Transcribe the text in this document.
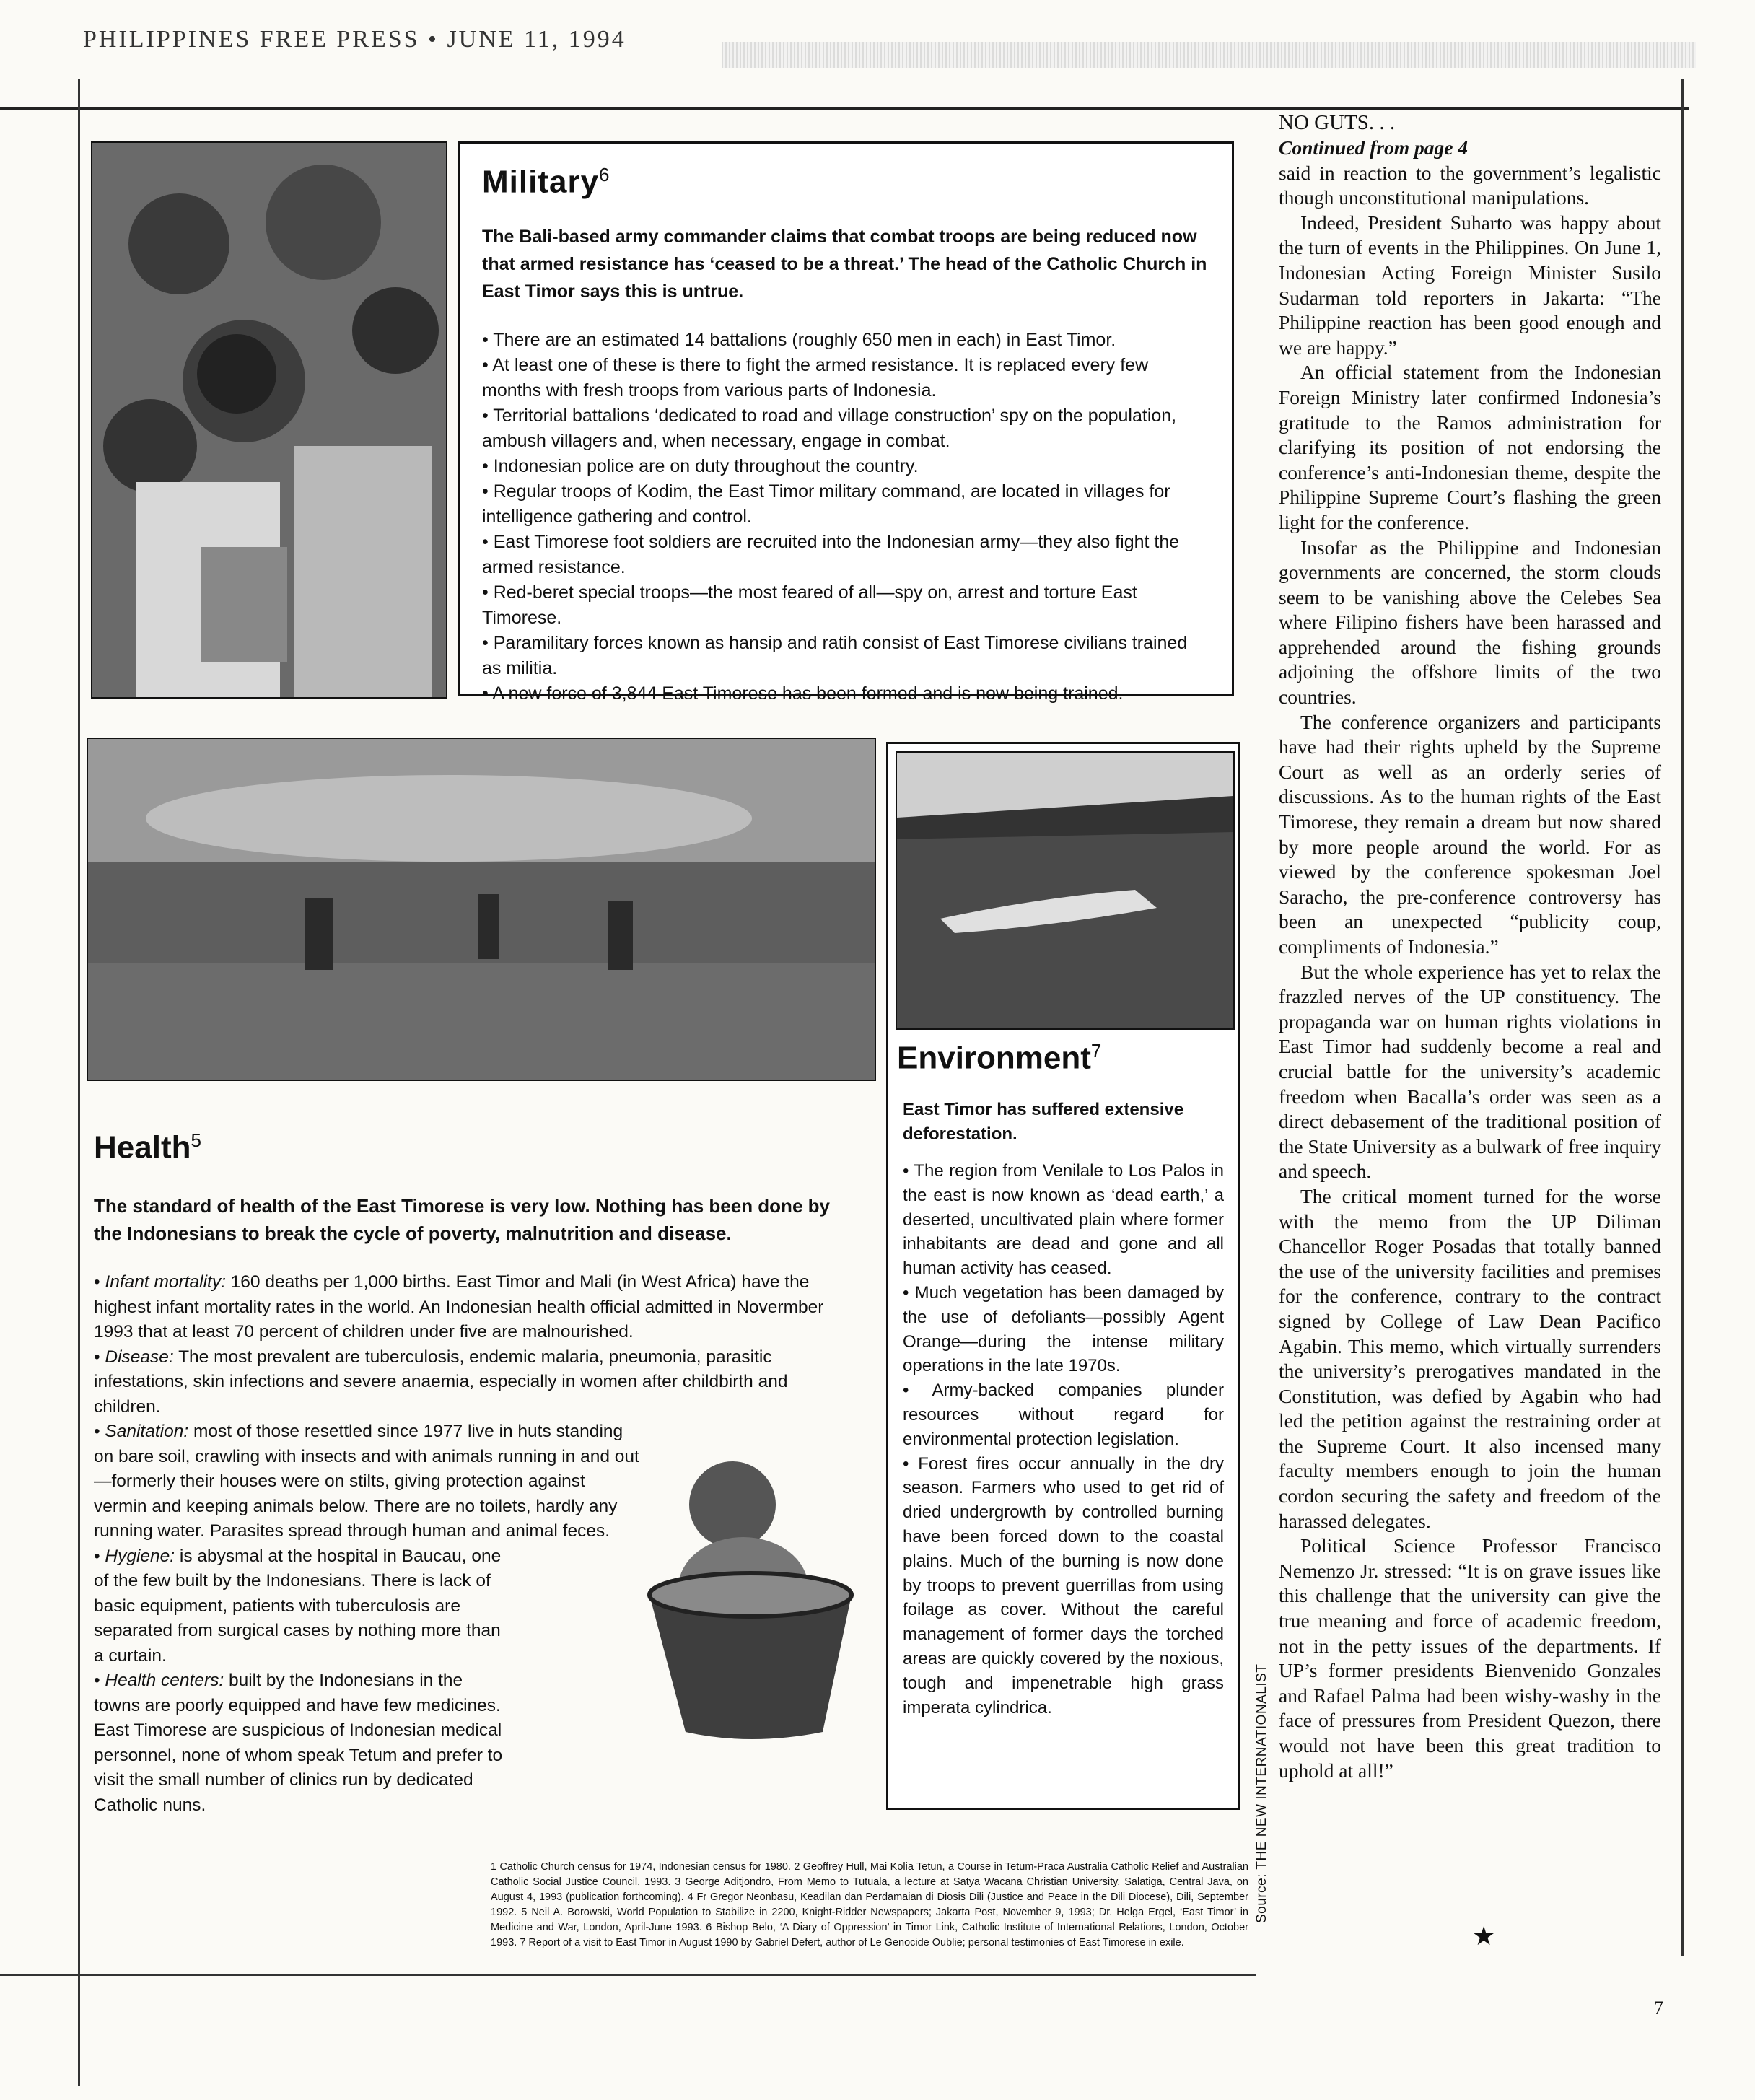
PHILIPPINES FREE PRESS • JUNE 11, 1994
Military$^6$
The Bali-based army commander claims that combat troops are being reduced now that armed resistance has ‘ceased to be a threat.’ The head of the Catholic Church in East Timor says this is untrue.

• There are an estimated 14 battalions (roughly 650 men in each) in East Timor.

• At least one of these is there to fight the armed resistance. It is replaced every few months with fresh troops from various parts of Indonesia.

• Territorial battalions ‘dedicated to road and village construction’ spy on the population, ambush villagers and, when necessary, engage in combat.

• Indonesian police are on duty throughout the country.

• Regular troops of Kodim, the East Timor military command, are located in villages for intelligence gathering and control.

• East Timorese foot soldiers are recruited into the Indonesian army—they also fight the armed resistance.

• Red-beret special troops—the most feared of all—spy on, arrest and torture East Timorese.

• Paramilitary forces known as hansip and ratih consist of East Timorese civilians trained as militia.

• A new force of 3,844 East Timorese has been formed and is now being trained.

Environment$^7$
East Timor has suffered extensive deforestation.

• The region from Venilale to Los Palos in the east is now known as ‘dead earth,’ a deserted, uncultivated plain where former inhabitants are dead and gone and all human activity has ceased.

• Much vegetation has been damaged by the use of defoliants—possibly Agent Orange—during the intense military operations in the late 1970s.

• Army-backed companies plunder resources without regard for environmental protection legislation.

• Forest fires occur annually in the dry season. Farmers who used to get rid of dried undergrowth by controlled burning have been forced down to the coastal plains. Much of the burning is now done by troops to prevent guerrillas from using foilage as cover. Without the careful management of former days the torched areas are quickly covered by the noxious, tough and impenetrable high grass imperata cylindrica.

Health$^5$
The standard of health of the East Timorese is very low. Nothing has been done by the Indonesians to break the cycle of poverty, malnutrition and disease.

• Infant mortality: 160 deaths per 1,000 births. East Timor and Mali (in West Africa) have the highest infant mortality rates in the world. An Indonesian health official admitted in Novermber 1993 that at least 70 percent of children under five are malnourished.

• Disease: The most prevalent are tuberculosis, endemic malaria, pneumonia, parasitic infestations, skin infections and severe anaemia, especially in women after childbirth and children.

• Sanitation: most of those resettled since 1977 live in huts standing on bare soil, crawling with insects and with animals running in and out—formerly their houses were on stilts, giving protection against vermin and keeping animals below. There are no toilets, hardly any running water. Parasites spread through human and animal feces.

• Hygiene: is abysmal at the hospital in Baucau, one of the few built by the Indonesians. There is lack of basic equipment, patients with tuberculosis are separated from surgical cases by nothing more than a curtain.

• Health centers: built by the Indonesians in the towns are poorly equipped and have few medicines. East Timorese are suspicious of Indonesian medical personnel, none of whom speak Tetum and prefer to visit the small number of clinics run by dedicated Catholic nuns.

1 Catholic Church census for 1974, Indonesian census for 1980. 2 Geoffrey Hull, Mai Kolia Tetun, a Course in Tetum-Praca Australia Catholic Relief and Australian Catholic Social Justice Council, 1993. 3 George Aditjondro, From Memo to Tutuala, a lecture at Satya Wacana Christian University, Salatiga, Central Java, on August 4, 1993 (publication forthcoming). 4 Fr Gregor Neonbasu, Keadilan dan Perdamaian di Diosis Dili (Justice and Peace in the Dili Diocese), Dili, September 1992. 5 Neil A. Borowski, World Population to Stabilize in 2200, Knight-Ridder Newspapers; Jakarta Post, November 9, 1993; Dr. Helga Ergel, ‘East Timor’ in Medicine and War, London, April-June 1993. 6 Bishop Belo, ‘A Diary of Oppression’ in Timor Link, Catholic Institute of International Relations, London, October 1993. 7 Report of a visit to East Timor in August 1990 by Gabriel Defert, author of Le Genocide Oublie; personal testimonies of East Timorese in exile.
Source: THE NEW INTERNATIONALIST

NO GUTS. . .

Continued from page 4

said in reaction to the government’s legalistic though unconstitutional manipulations.

Indeed, President Suharto was happy about the turn of events in the Philippines. On June 1, Indonesian Acting Foreign Minister Susilo Sudarman told reporters in Jakarta: “The Philippine reaction has been good enough and we are happy.”

An official statement from the Indonesian Foreign Ministry later confirmed Indonesia’s gratitude to the Ramos administration for clarifying its position of not endorsing the conference’s anti-Indonesian theme, despite the Philippine Supreme Court’s flashing the green light for the conference.

Insofar as the Philippine and Indonesian governments are concerned, the storm clouds seem to be vanishing above the Celebes Sea where Filipino fishers have been harassed and apprehended around the fishing grounds adjoining the offshore limits of the two countries.

The conference organizers and participants have had their rights upheld by the Supreme Court as well as an orderly series of discussions. As to the human rights of the East Timorese, they remain a dream but now shared by more people around the world. For as viewed by the conference spokesman Joel Saracho, the pre-conference controversy has been an unexpected “publicity coup, compliments of Indonesia.”

But the whole experience has yet to relax the frazzled nerves of the UP constituency. The propaganda war on human rights violations in East Timor had suddenly become a real and crucial battle for the university’s academic freedom when Bacalla’s order was seen as a direct debasement of the traditional position of the State University as a bulwark of free inquiry and speech.

The critical moment turned for the worse with the memo from the UP Diliman Chancellor Roger Posadas that totally banned the use of the university facilities and premises for the conference, contrary to the contract signed by College of Law Dean Pacifico Agabin. This memo, which virtually surrenders the university’s prerogatives mandated in the Constitution, was defied by Agabin who had led the petition against the restraining order at the Supreme Court. It also incensed many faculty members enough to join the human cordon securing the safety and freedom of the harassed delegates.

Political Science Professor Francisco Nemenzo Jr. stressed: “It is on grave issues like this challenge that the university can give the true meaning and force of academic freedom, not in the petty issues of the departments. If UP’s former presidents Bienvenido Gonzales and Rafael Palma had been wishy-washy in the face of pressures from President Quezon, there would not have been this great tradition to uphold at all!”

★
7
